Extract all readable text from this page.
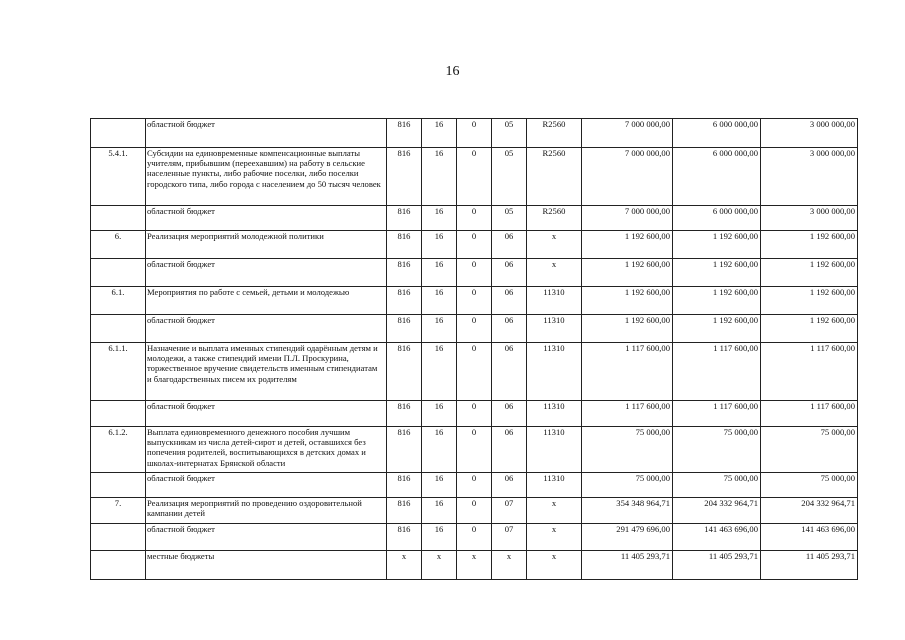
16
	областной бюджет	816	16	0	05	R2560	7 000 000,00	6 000 000,00	3 000 000,00
5.4.1.	Субсидии на единовременные компенсационные выплаты учителям, прибывшим (переехавшим) на работу в сельские населенные пункты, либо рабочие поселки, либо поселки городского типа, либо города с населением до 50 тысяч человек	816	16	0	05	R2560	7 000 000,00	6 000 000,00	3 000 000,00
	областной бюджет	816	16	0	05	R2560	7 000 000,00	6 000 000,00	3 000 000,00
6.	Реализация мероприятий молодежной политики	816	16	0	06	х	1 192 600,00	1 192 600,00	1 192 600,00
	областной бюджет	816	16	0	06	х	1 192 600,00	1 192 600,00	1 192 600,00
6.1.	Мероприятия по работе с семьей, детьми и молодежью	816	16	0	06	11310	1 192 600,00	1 192 600,00	1 192 600,00
	областной бюджет	816	16	0	06	11310	1 192 600,00	1 192 600,00	1 192 600,00
6.1.1.	Назначение и выплата именных стипендий одарённым детям и молодежи, а также стипендий имени П.Л. Проскурина, торжественное вручение свидетельств именным стипендиатам и благодарственных писем их родителям	816	16	0	06	11310	1 117 600,00	1 117 600,00	1 117 600,00
	областной бюджет	816	16	0	06	11310	1 117 600,00	1 117 600,00	1 117 600,00
6.1.2.	Выплата единовременного денежного пособия лучшим выпускникам из числа детей-сирот и детей, оставшихся без попечения родителей, воспитывающихся в детских домах и школах-интернатах Брянской области	816	16	0	06	11310	75 000,00	75 000,00	75 000,00
	областной бюджет	816	16	0	06	11310	75 000,00	75 000,00	75 000,00
7.	Реализация мероприятий по проведению оздоровительной кампании детей	816	16	0	07	х	354 348 964,71	204 332 964,71	204 332 964,71
	областной бюджет	816	16	0	07	х	291 479 696,00	141 463 696,00	141 463 696,00
	местные бюджеты	х	х	х	х	х	11 405 293,71	11 405 293,71	11 405 293,71
